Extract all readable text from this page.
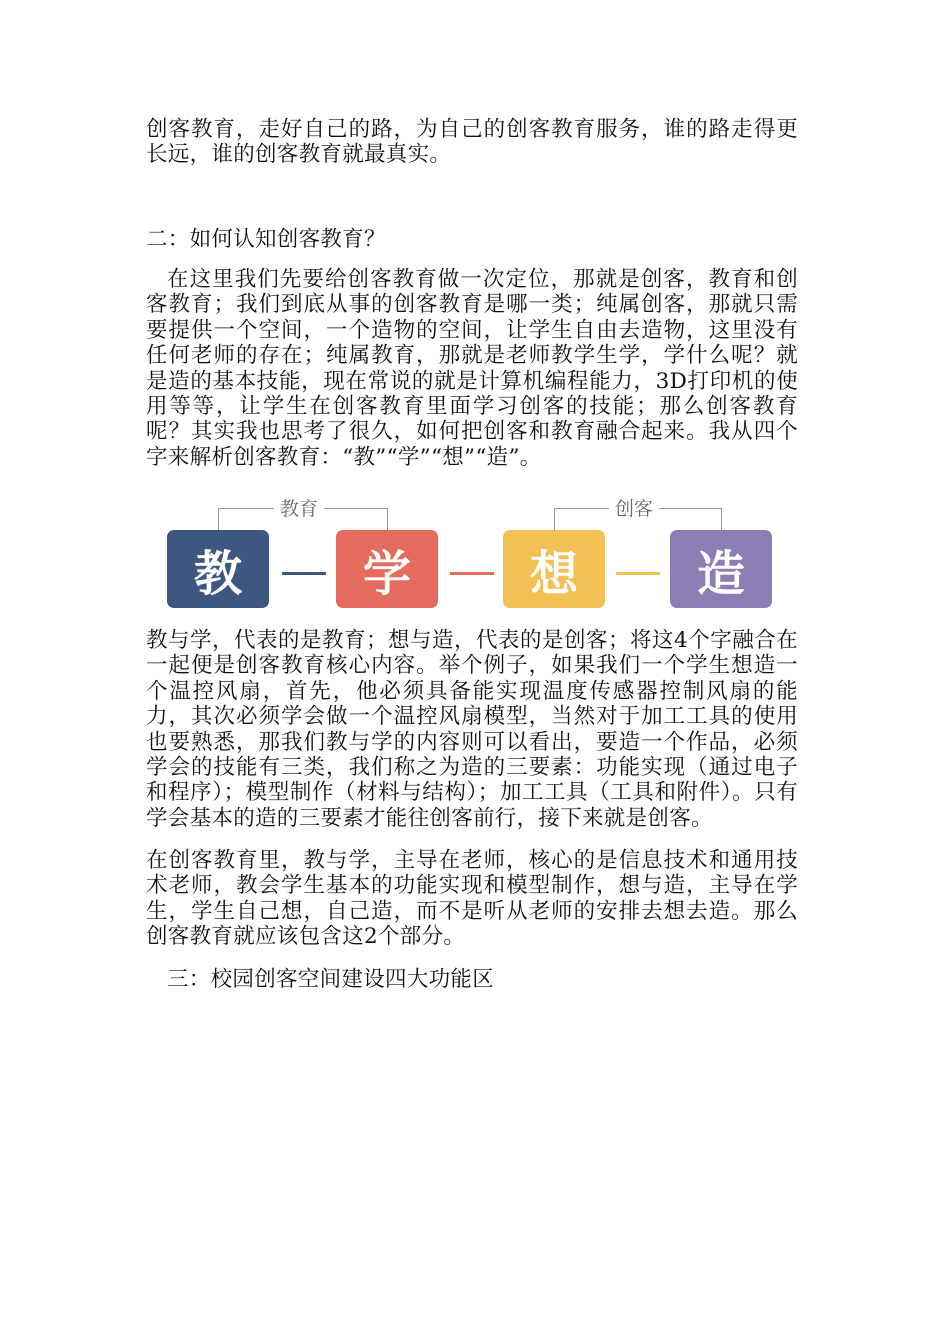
创客教育，走好自己的路，为自己的创客教育服务，谁的路走得更长远，谁的创客教育就最真实。

二：如何认知创客教育？

在这里我们先要给创客教育做一次定位，那就是创客，教育和创客教育；我们到底从事的创客教育是哪一类；纯属创客，那就只需要提供一个空间，一个造物的空间，让学生自由去造物，这里没有任何老师的存在；纯属教育，那就是老师教学生学，学什么呢？就是造的基本技能，现在常说的就是计算机编程能力，3D打印机的使用等等，让学生在创客教育里面学习创客的技能；那么创客教育呢？其实我也思考了很久，如何把创客和教育融合起来。我从四个字来解析创客教育：“教”“学”“想”“造”。

教育	创客
教	学	想	造

教与学，代表的是教育；想与造，代表的是创客；将这4个字融合在一起便是创客教育核心内容。举个例子，如果我们一个学生想造一个温控风扇，首先，他必须具备能实现温度传感器控制风扇的能力，其次必须学会做一个温控风扇模型，当然对于加工工具的使用也要熟悉，那我们教与学的内容则可以看出，要造一个作品，必须学会的技能有三类，我们称之为造的三要素：功能实现（通过电子和程序）；模型制作（材料与结构）；加工工具（工具和附件）。只有学会基本的造的三要素才能往创客前行，接下来就是创客。

在创客教育里，教与学，主导在老师，核心的是信息技术和通用技术老师，教会学生基本的功能实现和模型制作，想与造，主导在学生，学生自己想，自己造，而不是听从老师的安排去想去造。那么创客教育就应该包含这2个部分。

三：校园创客空间建设四大功能区
